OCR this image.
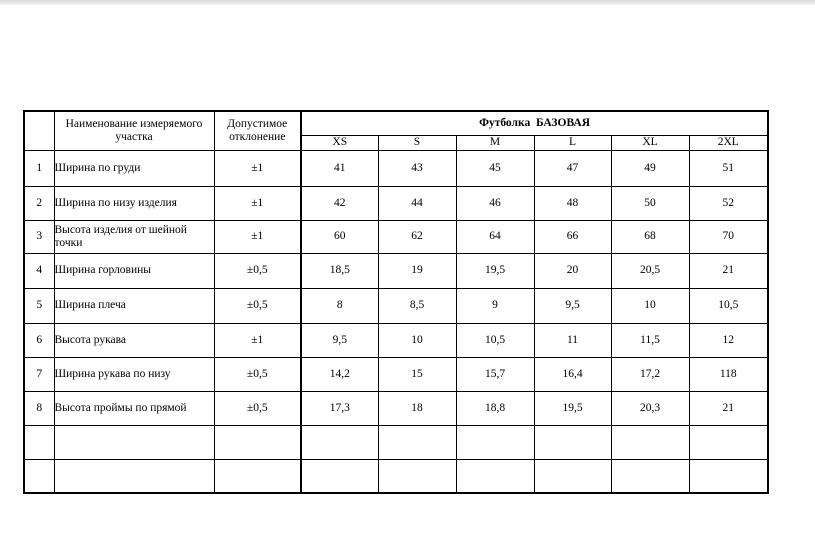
	Наименование измеряемого участка	Допустимое отклонение	Футболка БАЗОВАЯ					
			XS	S	M	L	XL	2XL
1	Ширина по груди	±1	41	43	45	47	49	51
2	Ширина по низу изделия	±1	42	44	46	48	50	52
3	Высота изделия от шейной точки	±1	60	62	64	66	68	70
4	Ширина горловины	±0,5	18,5	19	19,5	20	20,5	21
5	Ширина плеча	±0,5	8	8,5	9	9,5	10	10,5
6	Высота рукава	±1	9,5	10	10,5	11	11,5	12
7	Ширина рукава по низу	±0,5	14,2	15	15,7	16,4	17,2	118
8	Высота проймы по прямой	±0,5	17,3	18	18,8	19,5	20,3	21
